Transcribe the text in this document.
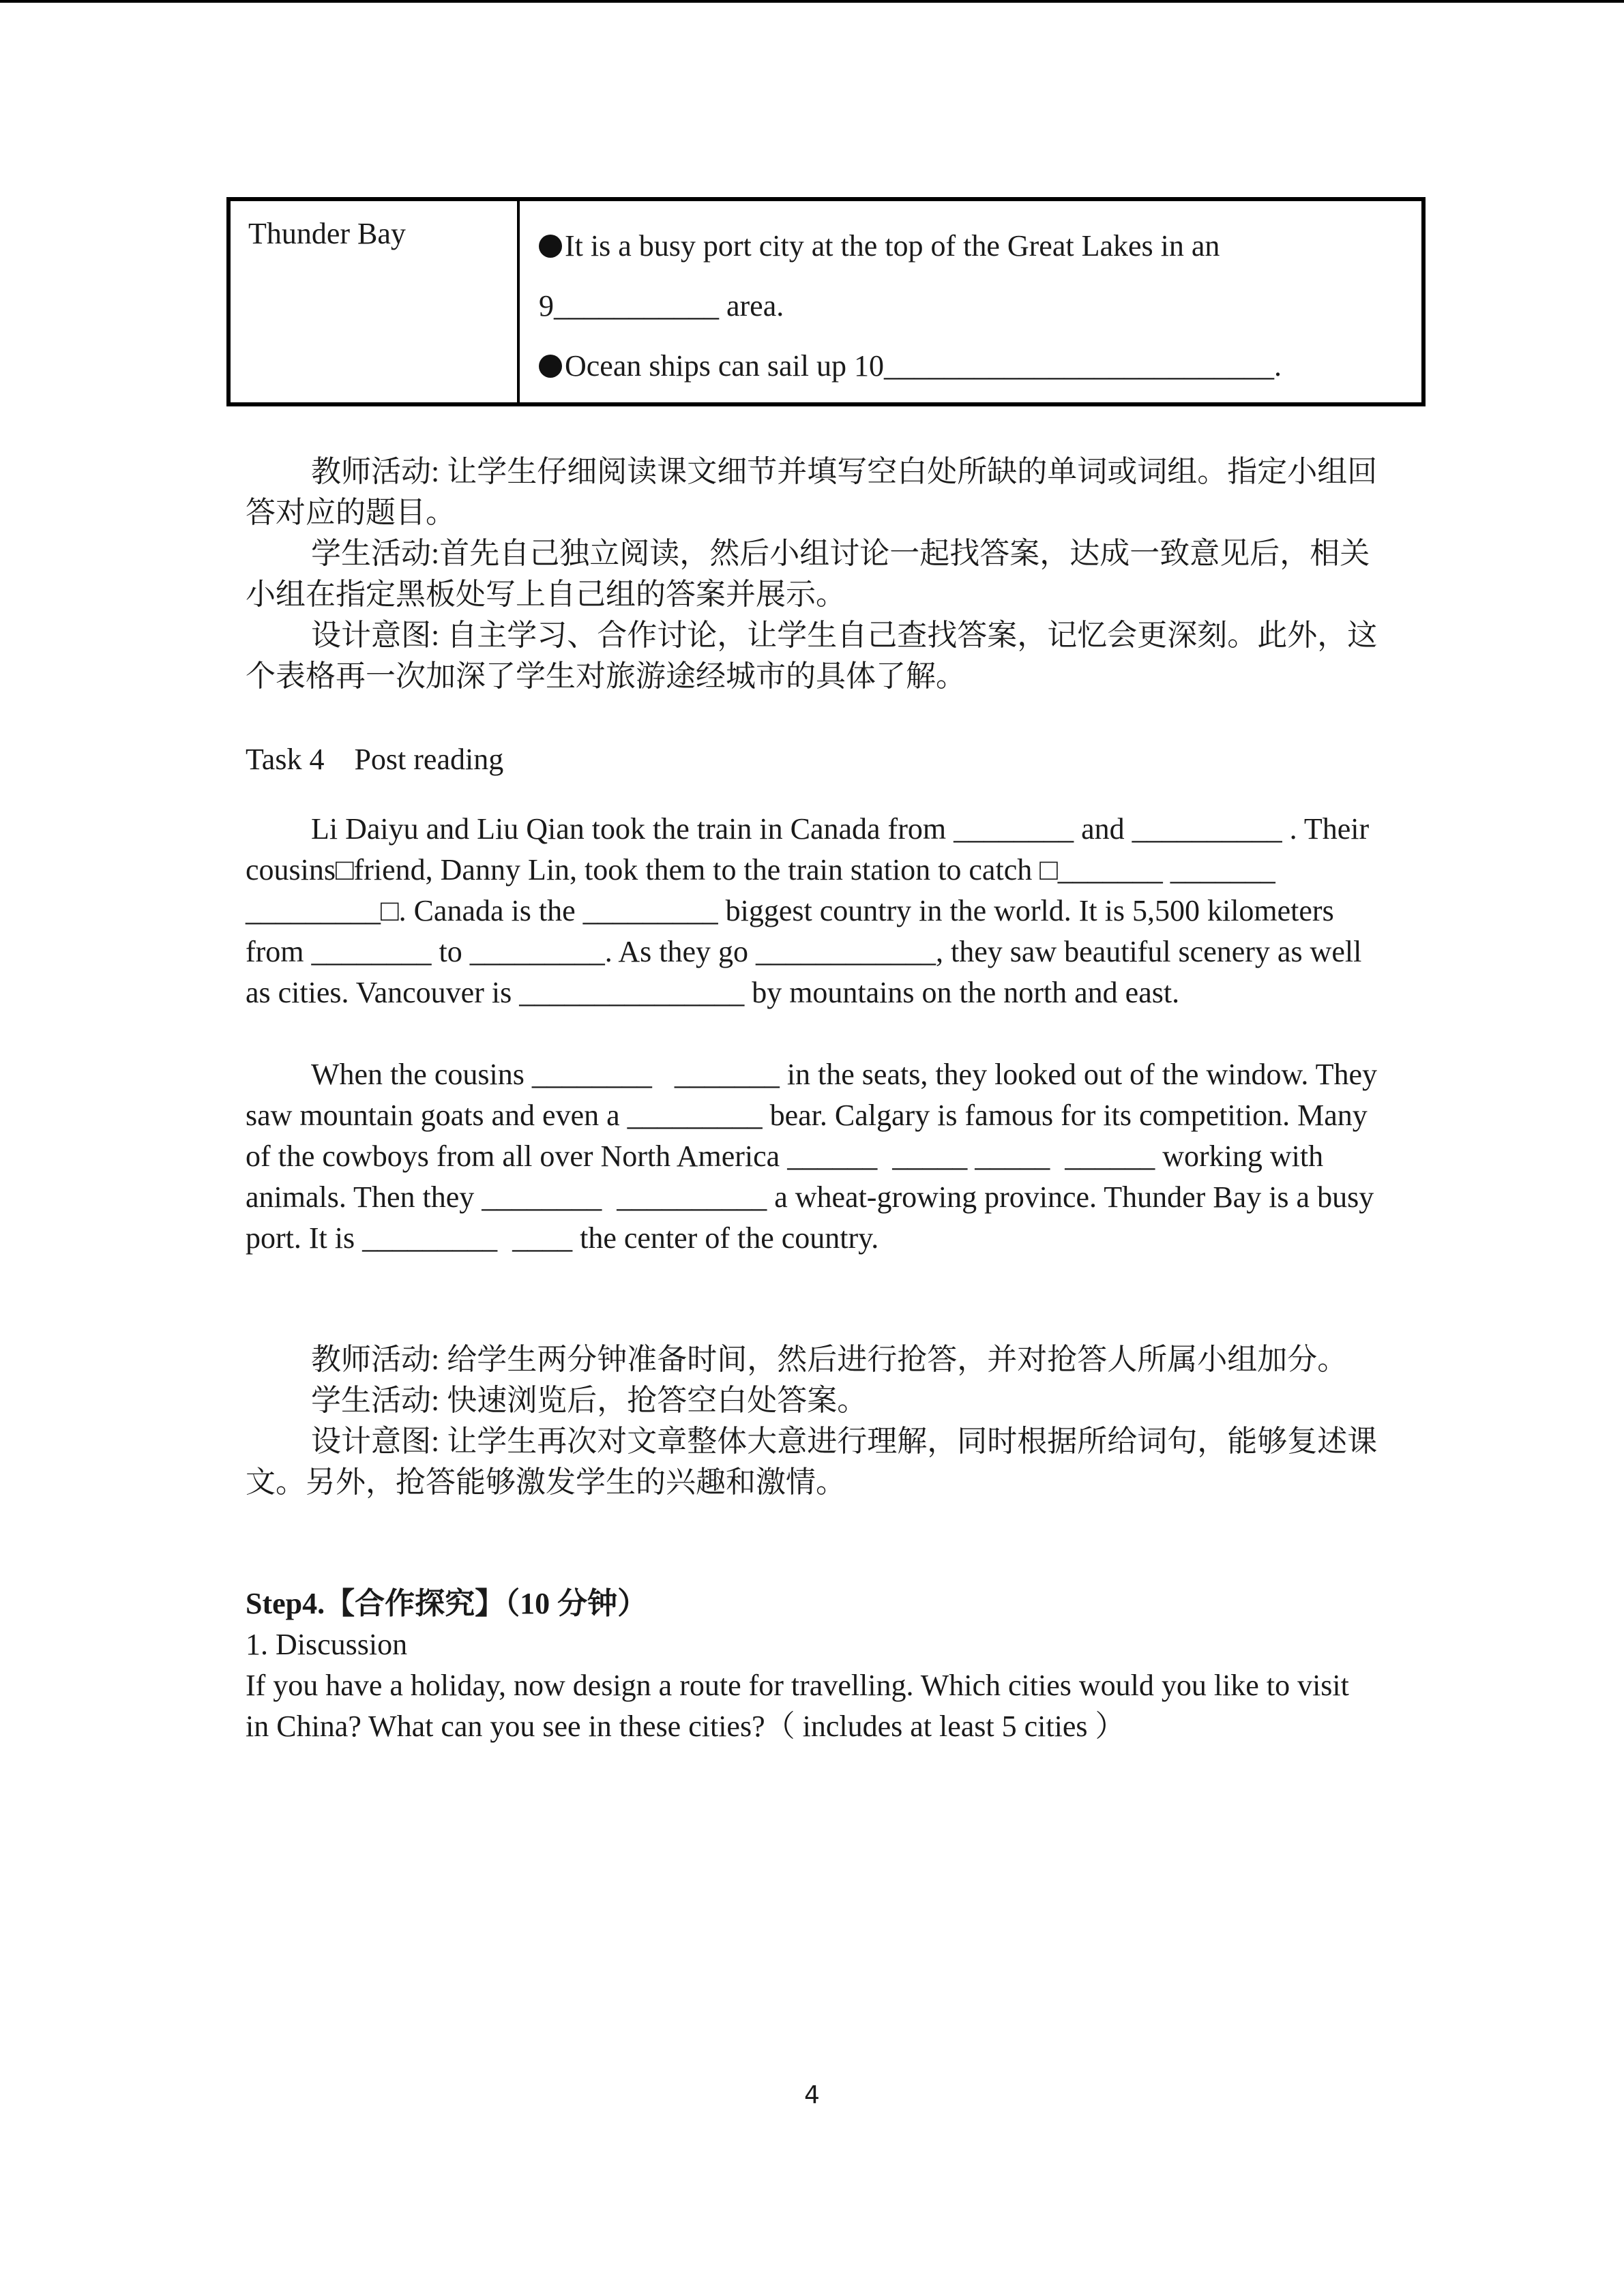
Thunder Bay	It is a busy port city at the top of the Great Lakes in an
9___________ area.
Ocean ships can sail up 10__________________________.

教师活动: 让学生仔细阅读课文细节并填写空白处所缺的单词或词组。指定小组回答对应的题目。

学生活动:首先自己独立阅读，然后小组讨论一起找答案，达成一致意见后，相关小组在指定黑板处写上自己组的答案并展示。

设计意图: 自主学习、合作讨论，让学生自己查找答案，记忆会更深刻。此外，这个表格再一次加深了学生对旅游途经城市的具体了解。

Task 4    Post reading

Li Daiyu and Liu Qian took the train in Canada from ________ and __________ . Their cousins□friend, Danny Lin, took them to the train station to catch □_______ _______  _________□. Canada is the _________ biggest country in the world. It is 5,500 kilometers from ________ to _________. As they go ____________, they saw beautiful scenery as well as cities. Vancouver is _______________ by mountains on the north and east.

When the cousins ________   _______ in the seats, they looked out of the window. They saw mountain goats and even a _________ bear. Calgary is famous for its competition. Many of the cowboys from all over North America ______  _____ _____  ______ working with animals. Then they ________  __________ a wheat-growing province. Thunder Bay is a busy port. It is _________  ____ the center of the country.

教师活动: 给学生两分钟准备时间，然后进行抢答，并对抢答人所属小组加分。

学生活动: 快速浏览后，抢答空白处答案。

设计意图: 让学生再次对文章整体大意进行理解，同时根据所给词句，能够复述课文。另外，抢答能够激发学生的兴趣和激情。

Step4.【合作探究】（10 分钟）

1. Discussion

If you have a holiday, now design a route for travelling. Which cities would you like to visit in China? What can you see in these cities?（ includes at least 5 cities ）

4
